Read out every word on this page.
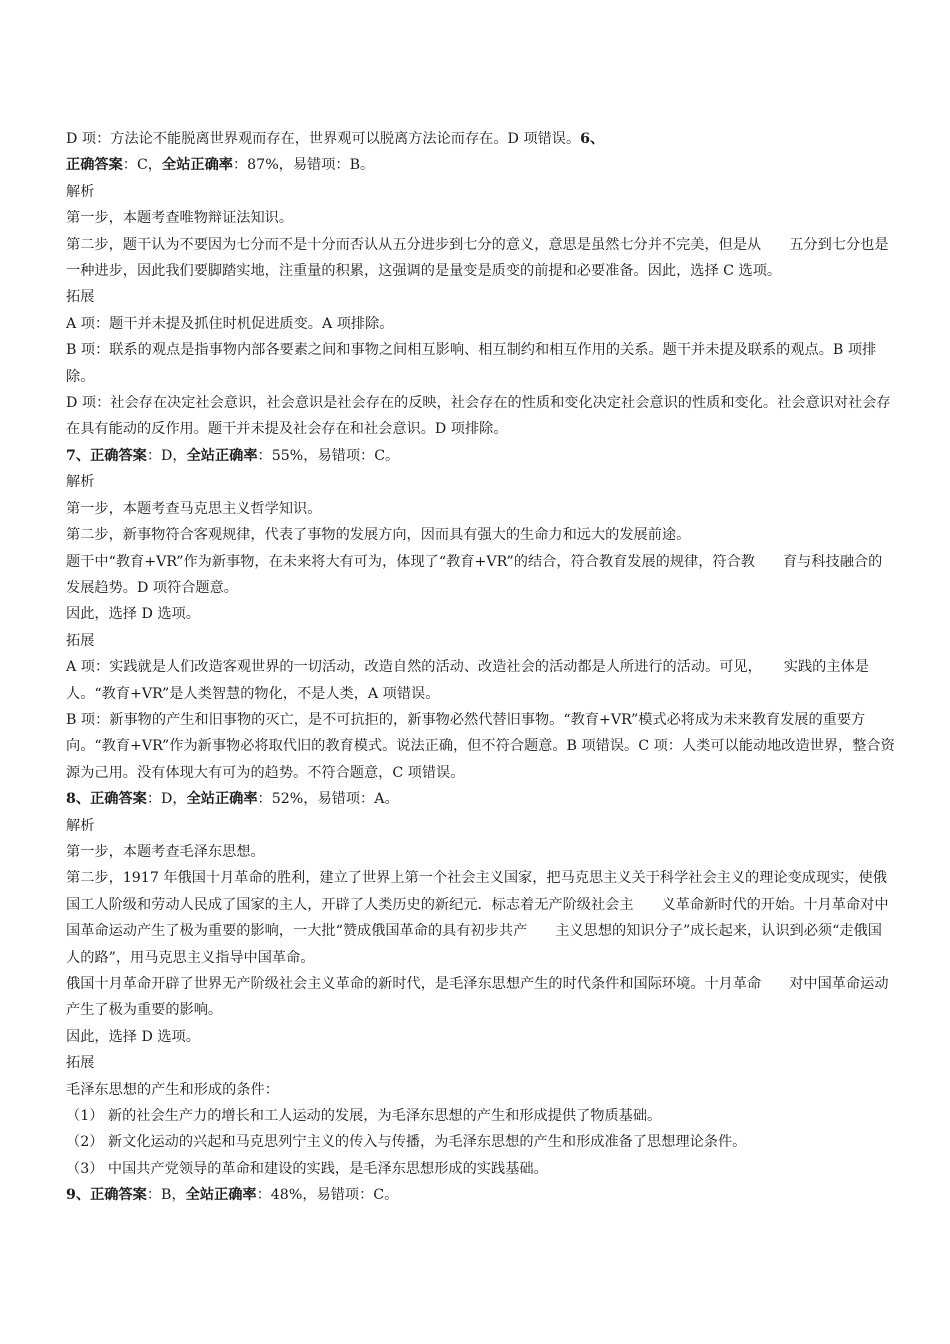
D 项：方法论不能脱离世界观而存在，世界观可以脱离方法论而存在。D 项错误。6、

正确答案：C，全站正确率：87%，易错项：B。

解析

第一步，本题考查唯物辩证法知识。

第二步，题干认为不要因为七分而不是十分而否认从五分进步到七分的意义，意思是虽然七分并不完美，但是从 五分到七分也是一种进步，因此我们要脚踏实地，注重量的积累，这强调的是量变是质变的前提和必要准备。因此，选择 C 选项。

拓展

A 项：题干并未提及抓住时机促进质变。A 项排除。

B 项：联系的观点是指事物内部各要素之间和事物之间相互影响、相互制约和相互作用的关系。题干并未提及联系的观点。B 项排除。

D 项：社会存在决定社会意识，社会意识是社会存在的反映，社会存在的性质和变化决定社会意识的性质和变化。社会意识对社会存在具有能动的反作用。题干并未提及社会存在和社会意识。D 项排除。

7、正确答案：D，全站正确率：55%，易错项：C。

解析

第一步，本题考查马克思主义哲学知识。

第二步，新事物符合客观规律，代表了事物的发展方向，因而具有强大的生命力和远大的发展前途。

题干中“教育+VR”作为新事物，在未来将大有可为，体现了“教育+VR”的结合，符合教育发展的规律，符合教 育与科技融合的发展趋势。D 项符合题意。

因此，选择 D 选项。

拓展

A 项：实践就是人们改造客观世界的一切活动，改造自然的活动、改造社会的活动都是人所进行的活动。可见， 实践的主体是人。“教育+VR”是人类智慧的物化，不是人类，A 项错误。

B 项：新事物的产生和旧事物的灭亡，是不可抗拒的，新事物必然代替旧事物。“教育+VR”模式必将成为未来教育发展的重要方向。“教育+VR”作为新事物必将取代旧的教育模式。说法正确，但不符合题意。B 项错误。C 项：人类可以能动地改造世界，整合资源为己用。没有体现大有可为的趋势。不符合题意，C 项错误。

8、正确答案：D，全站正确率：52%，易错项：A。

解析

第一步，本题考查毛泽东思想。

第二步，1917 年俄国十月革命的胜利，建立了世界上第一个社会主义国家，把马克思主义关于科学社会主义的理论变成现实，使俄国工人阶级和劳动人民成了国家的主人，开辟了人类历史的新纪元．标志着无产阶级社会主 义革命新时代的开始。十月革命对中国革命运动产生了极为重要的影响，一大批“赞成俄国革命的具有初步共产 主义思想的知识分子”成长起来，认识到必须“走俄国人的路”，用马克思主义指导中国革命。

俄国十月革命开辟了世界无产阶级社会主义革命的新时代，是毛泽东思想产生的时代条件和国际环境。十月革命 对中国革命运动产生了极为重要的影响。

因此，选择 D 选项。

拓展

毛泽东思想的产生和形成的条件：

（1） 新的社会生产力的增长和工人运动的发展，为毛泽东思想的产生和形成提供了物质基础。

（2） 新文化运动的兴起和马克思列宁主义的传入与传播，为毛泽东思想的产生和形成准备了思想理论条件。

（3） 中国共产党领导的革命和建设的实践，是毛泽东思想形成的实践基础。

9、正确答案：B，全站正确率：48%，易错项：C。
